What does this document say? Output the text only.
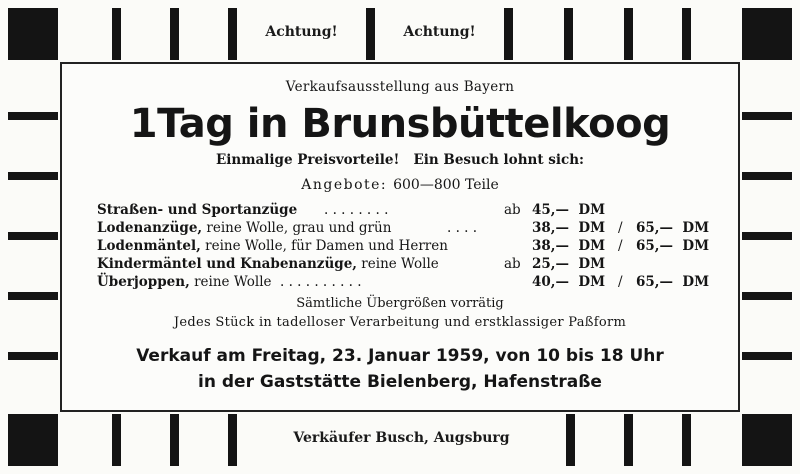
Achtung!	Achtung!
Verkäufer Busch, Augsburg
Verkaufsausstellung aus Bayern
1Tag in Brunsbüttelkoog
Einmalige Preisvorteile!   Ein Besuch lohnt sich:
Angebote: 600—800 Teile
Straßen- und Sportanzüge
Lodenanzüge, reine Wolle, grau und grün
Lodenmäntel, reine Wolle, für Damen und Herren
Kindermäntel und Knabenanzüge, reine Wolle
Überjoppen, reine Wolle
. . . . . . . .
. . . .
. . . . . . . . . .
ab
ab
45,— DM
38,— DM
38,— DM
25,— DM
40,— DM
/
/
/
65,— DM
65,— DM
65,— DM
Sämtliche Übergrößen vorrätig
Jedes Stück in tadelloser Verarbeitung und erstklassiger Paßform
Verkauf am Freitag, 23. Januar 1959, von 10 bis 18 Uhr
in der Gaststätte Bielenberg, Hafenstraße
